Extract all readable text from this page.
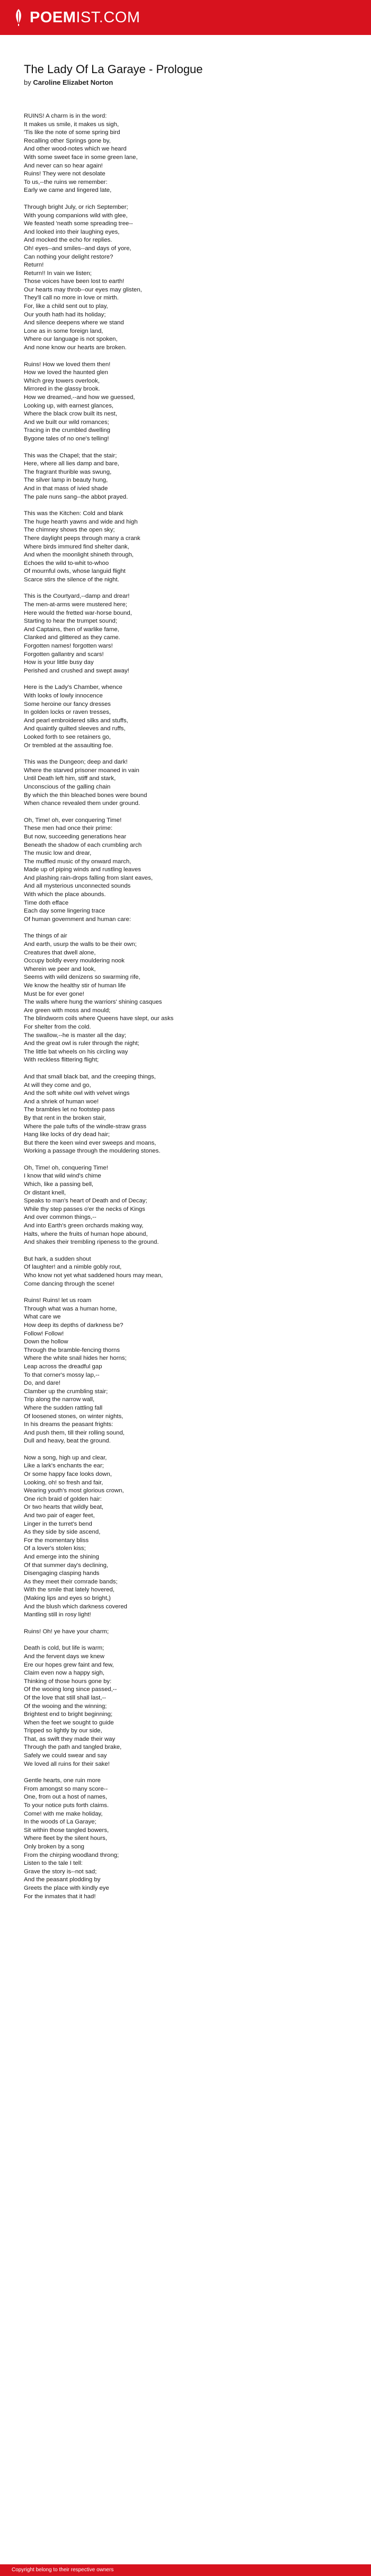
POEMIST.COM
The Lady Of La Garaye - Prologue
by Caroline Elizabet Norton
RUINS! A charm is in the word:
It makes us smile, it makes us sigh,
'Tis like the note of some spring bird
Recalling other Springs gone by,
And other wood-notes which we heard
With some sweet face in some green lane,
And never can so hear again!
Ruins! They were not desolate
To us,--the ruins we remember:
Early we came and lingered late,
Through bright July, or rich September;
With young companions wild with glee,
We feasted 'neath some spreading tree--
And looked into their laughing eyes,
And mocked the echo for replies.
Oh! eyes--and smiles--and days of yore,
Can nothing your delight restore?
Return!
Return!! In vain we listen;
Those voices have been lost to earth!
Our hearts may throb--our eyes may glisten,
They'll call no more in love or mirth.
For, like a child sent out to play,
Our youth hath had its holiday;
And silence deepens where we stand
Lone as in some foreign land,
Where our language is not spoken,
And none know our hearts are broken.
Ruins! How we loved them then!
How we loved the haunted glen
Which grey towers overlook,
Mirrored in the glassy brook.
How we dreamed,--and how we guessed,
Looking up, with earnest glances,
Where the black crow built its nest,
And we built our wild romances;
Tracing in the crumbled dwelling
Bygone tales of no one's telling!
This was the Chapel; that the stair;
Here, where all lies damp and bare,
The fragrant thurible was swung,
The silver lamp in beauty hung,
And in that mass of ivied shade
The pale nuns sang--the abbot prayed.
This was the Kitchen: Cold and blank
The huge hearth yawns and wide and high
The chimney shows the open sky;
There daylight peeps through many a crank
Where birds immured find shelter dank,
And when the moonlight shineth through,
Echoes the wild to-whit to-whoo
Of mournful owls, whose languid flight
Scarce stirs the silence of the night.
This is the Courtyard,--damp and drear!
The men-at-arms were mustered here;
Here would the fretted war-horse bound,
Starting to hear the trumpet sound;
And Captains, then of warlike fame,
Clanked and glittered as they came.
Forgotten names! forgotten wars!
Forgotten gallantry and scars!
How is your little busy day
Perished and crushed and swept away!
Here is the Lady's Chamber, whence
With looks of lowly innocence
Some heroine our fancy dresses
In golden locks or raven tresses,
And pearl embroidered silks and stuffs,
And quaintly quilted sleeves and ruffs,
Looked forth to see retainers go,
Or trembled at the assaulting foe.
This was the Dungeon; deep and dark!
Where the starved prisoner moaned in vain
Until Death left him, stiff and stark,
Unconscious of the galling chain
By which the thin bleached bones were bound
When chance revealed them under ground.
Oh, Time! oh, ever conquering Time!
These men had once their prime:
But now, succeeding generations hear
Beneath the shadow of each crumbling arch
The music low and drear,
The muffled music of thy onward march,
Made up of piping winds and rustling leaves
And plashing rain-drops falling from slant eaves,
And all mysterious unconnected sounds
With which the place abounds.
Time doth efface
Each day some lingering trace
Of human government and human care:
The things of air
And earth, usurp the walls to be their own;
Creatures that dwell alone,
Occupy boldly every mouldering nook
Wherein we peer and look,
Seems with wild denizens so swarming rife,
We know the healthy stir of human life
Must be for ever gone!
The walls where hung the warriors' shining casques
Are green with moss and mould;
The blindworm coils where Queens have slept, our asks
For shelter from the cold.
The swallow,--he is master all the day;
And the great owl is ruler through the night;
The little bat wheels on his circling way
With reckless flittering flight;
And that small black bat, and the creeping things,
At will they come and go,
And the soft white owl with velvet wings
And a shriek of human woe!
The brambles let no footstep pass
By that rent in the broken stair,
Where the pale tufts of the windle-straw grass
Hang like locks of dry dead hair;
But there the keen wind ever sweeps and moans,
Working a passage through the mouldering stones.
Oh, Time! oh, conquering Time!
I know that wild wind's chime
Which, like a passing bell,
Or distant knell,
Speaks to man's heart of Death and of Decay;
While thy step passes o'er the necks of Kings
And over common things,--
And into Earth's green orchards making way,
Halts, where the fruits of human hope abound,
And shakes their trembling ripeness to the ground.
But hark, a sudden shout
Of laughter! and a nimble gobly rout,
Who know not yet what saddened hours may mean,
Come dancing through the scene!
Ruins! Ruins! let us roam
Through what was a human home,
What care we
How deep its depths of darkness be?
Follow! Follow!
Down the hollow
Through the bramble-fencing thorns
Where the white snail hides her horns;
Leap across the dreadful gap
To that corner's mossy lap,--
Do, and dare!
Clamber up the crumbling stair;
Trip along the narrow wall,
Where the sudden rattling fall
Of loosened stones, on winter nights,
In his dreams the peasant frights:
And push them, till their rolling sound,
Dull and heavy, beat the ground.
Now a song, high up and clear,
Like a lark's enchants the ear;
Or some happy face looks down,
Looking, oh! so fresh and fair,
Wearing youth's most glorious crown,
One rich braid of golden hair:
Or two hearts that wildly beat,
And two pair of eager feet,
Linger in the turret's bend
As they side by side ascend,
For the momentary bliss
Of a lover's stolen kiss;
And emerge into the shining
Of that summer day's declining,
Disengaging clasping hands
As they meet their comrade bands;
With the smile that lately hovered,
(Making lips and eyes so bright,)
And the blush which darkness covered
Mantling still in rosy light!
Ruins! Oh! ye have your charm;
Death is cold, but life is warm;
And the fervent days we knew
Ere our hopes grew faint and few,
Claim even now a happy sigh,
Thinking of those hours gone by:
Of the wooing long since passed,--
Of the love that still shall last,--
Of the wooing and the winning;
Brightest end to bright beginning;
When the feet we sought to guide
Tripped so lightly by our side,
That, as swift they made their way
Through the path and tangled brake,
Safely we could swear and say
We loved all ruins for their sake!
Gentle hearts, one ruin more
From amongst so many score--
One, from out a host of names,
To your notice puts forth claims.
Come! with me make holiday,
In the woods of La Garaye;
Sit within those tangled bowers,
Where fleet by the silent hours,
Only broken by a song
From the chirping woodland throng;
Listen to the tale I tell:
Grave the story is--not sad;
And the peasant plodding by
Greets the place with kindly eye
For the inmates that it had!
Copyright belong to their respective owners
